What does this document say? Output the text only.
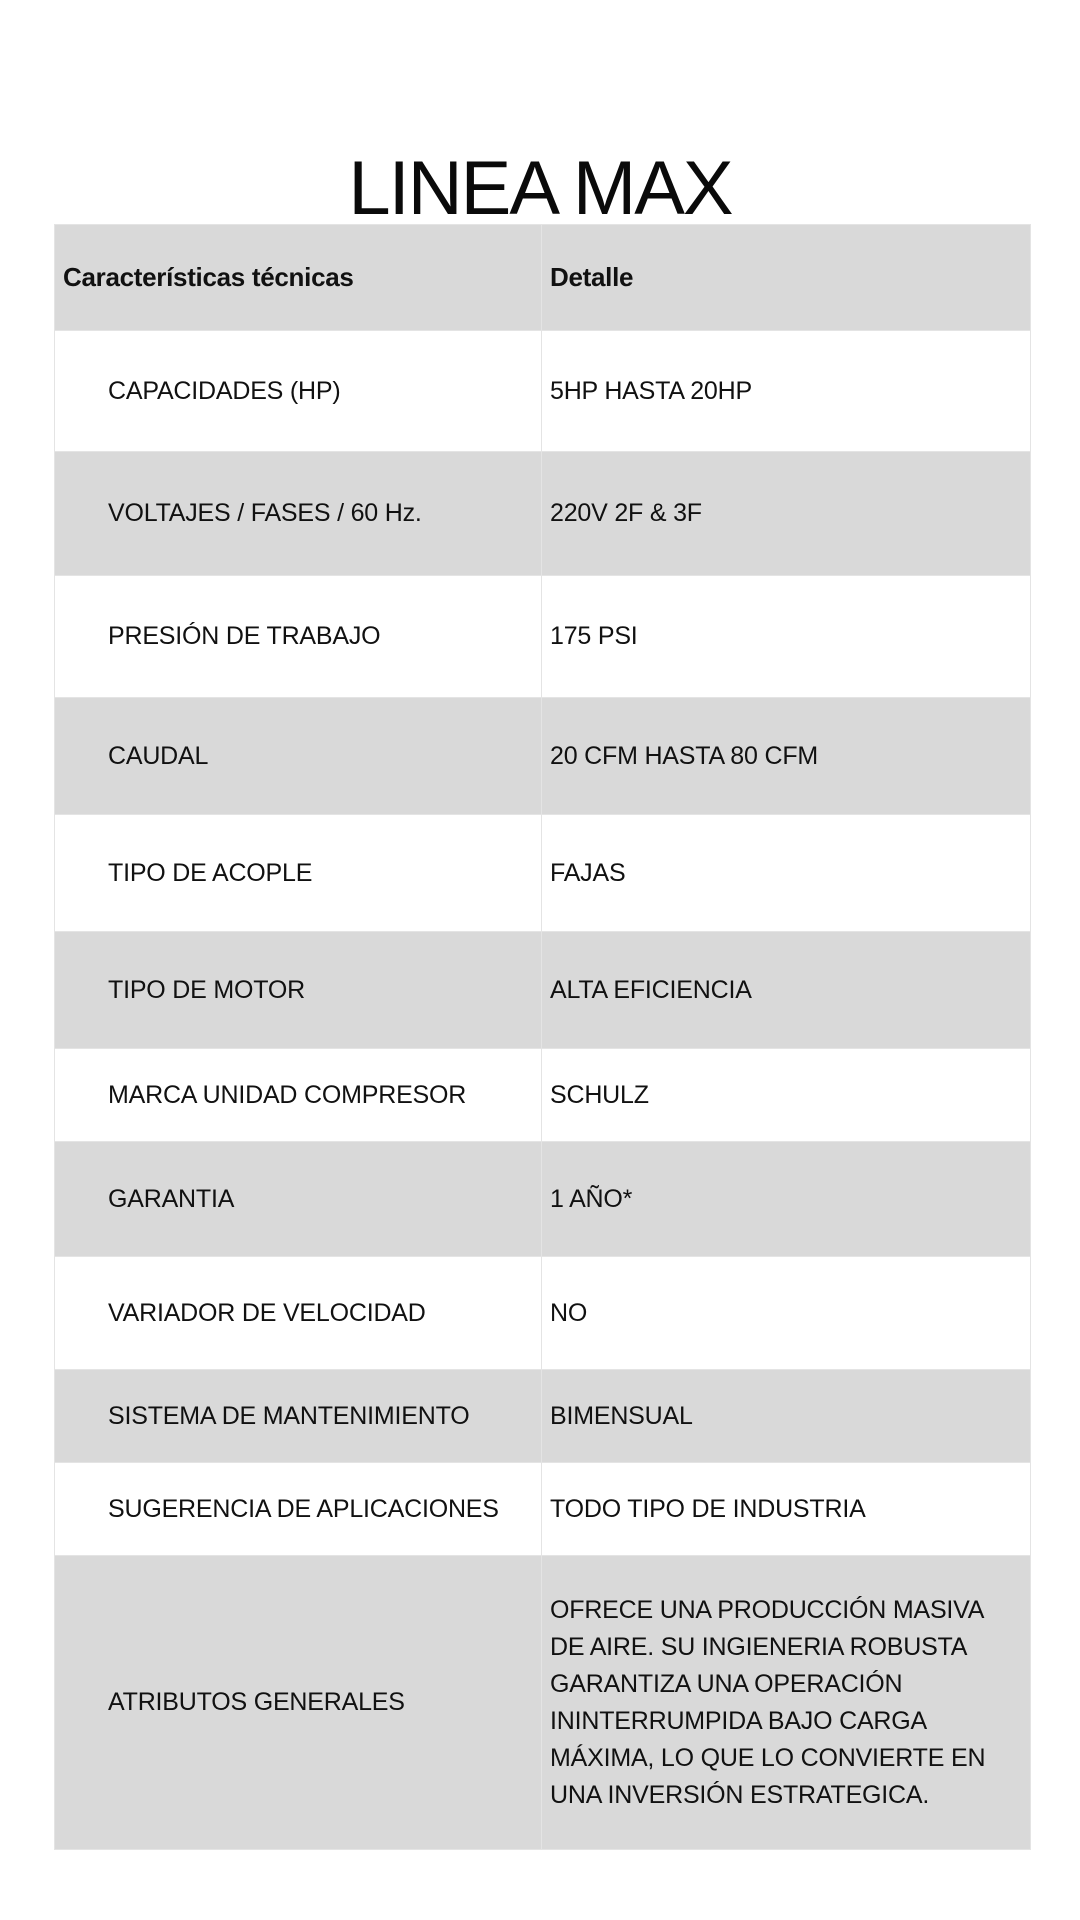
LINEA MAX
Características técnicas	Detalle
CAPACIDADES (HP)	5HP HASTA 20HP
VOLTAJES / FASES / 60 Hz.	220V 2F & 3F
PRESIÓN DE TRABAJO	175 PSI
CAUDAL	20 CFM HASTA 80 CFM
TIPO DE ACOPLE	FAJAS
TIPO DE MOTOR	ALTA EFICIENCIA
MARCA UNIDAD COMPRESOR	SCHULZ
GARANTIA	1 AÑO*
VARIADOR DE VELOCIDAD	NO
SISTEMA DE MANTENIMIENTO	BIMENSUAL
SUGERENCIA DE APLICACIONES	TODO TIPO DE INDUSTRIA
ATRIBUTOS GENERALES	OFRECE UNA PRODUCCIÓN MASIVA DE AIRE. SU INGIENERIA ROBUSTA GARANTIZA UNA OPERACIÓN ININTERRUMPIDA BAJO CARGA MÁXIMA, LO QUE LO CONVIERTE EN UNA INVERSIÓN ESTRATEGICA.
